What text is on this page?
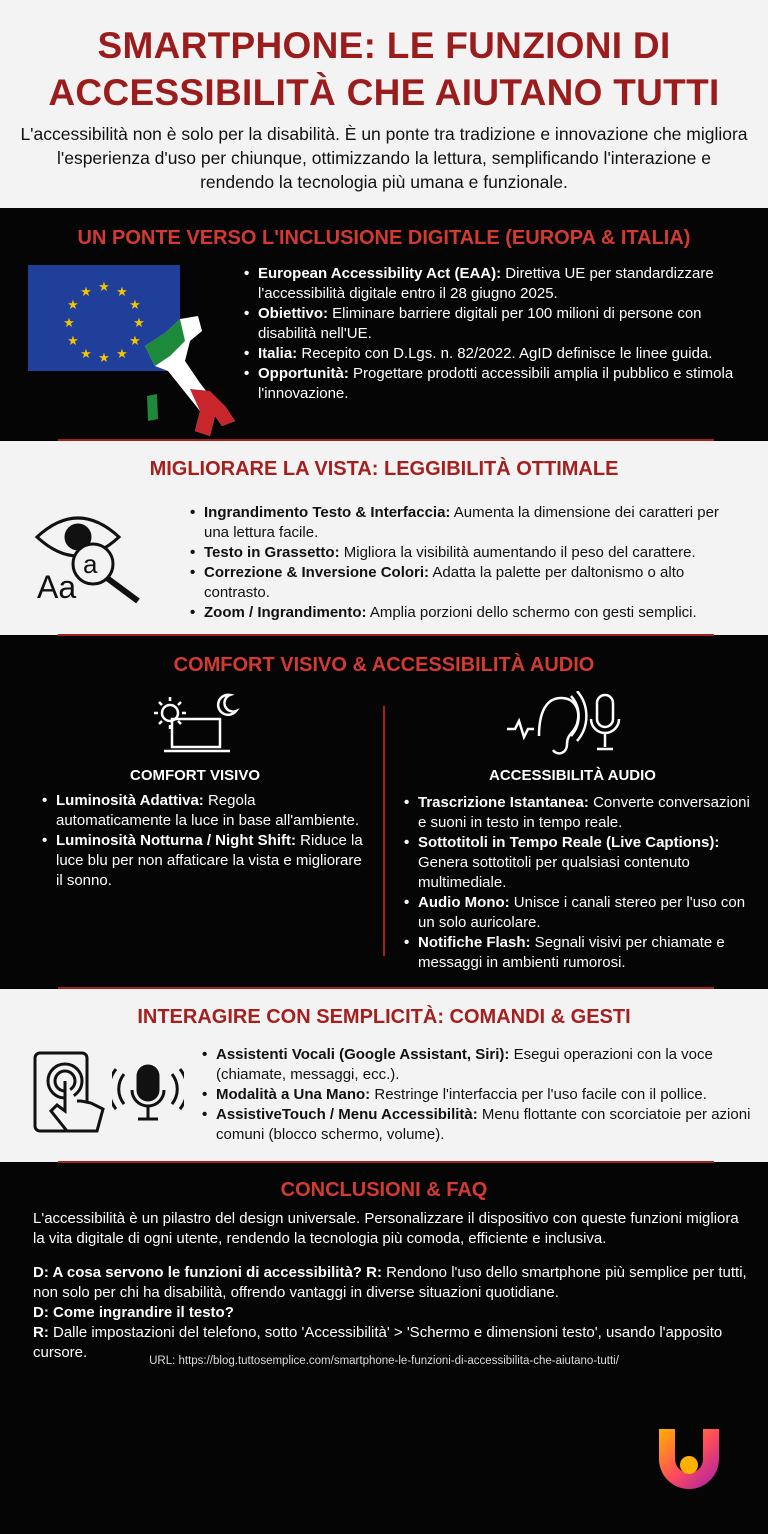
SMARTPHONE: LE FUNZIONI DI
ACCESSIBILITÀ CHE AIUTANO TUTTI

L'accessibilità non è solo per la disabilità. È un ponte tra tradizione e innovazione che migliora l'esperienza d'uso per chiunque, ottimizzando la lettura, semplificando l'interazione e rendendo la tecnologia più umana e funzionale.

UN PONTE VERSO L'INCLUSIONE DIGITALE (EUROPA & ITALIA)
★ ★
★
★
★
★
★
★
★
★
★
★
• European Accessibility Act (EAA): Direttiva UE per standardizzare l'accessibilità digitale entro il 28 giugno 2025.
• Obiettivo: Eliminare barriere digitali per 100 milioni di persone con disabilità nell'UE.
• Italia: Recepito con D.Lgs. n. 82/2022. AgID definisce le linee guida.
• Opportunità: Progettare prodotti accessibili amplia il pubblico e stimola l'innovazione.
MIGLIORARE LA VISTA: LEGGIBILITÀ OTTIMALE
a
Aa
• Ingrandimento Testo & Interfaccia: Aumenta la dimensione dei caratteri per una lettura facile.
• Testo in Grassetto: Migliora la visibilità aumentando il peso del carattere.
• Correzione & Inversione Colori: Adatta la palette per daltonismo o alto contrasto.
• Zoom / Ingrandimento: Amplia porzioni dello schermo con gesti semplici.
COMFORT VISIVO & ACCESSIBILITÀ AUDIO
COMFORT VISIVO
• Luminosità Adattiva: Regola automaticamente la luce in base all'ambiente.
• Luminosità Notturna / Night Shift: Riduce la luce blu per non affaticare la vista e migliorare il sonno.
ACCESSIBILITÀ AUDIO
• Trascrizione Istantanea: Converte conversazioni e suoni in testo in tempo reale.
• Sottotitoli in Tempo Reale (Live Captions): Genera sottotitoli per qualsiasi contenuto multimediale.
• Audio Mono: Unisce i canali stereo per l'uso con un solo auricolare.
• Notifiche Flash: Segnali visivi per chiamate e messaggi in ambienti rumorosi.
INTERAGIRE CON SEMPLICITÀ: COMANDI & GESTI
• Assistenti Vocali (Google Assistant, Siri): Esegui operazioni con la voce (chiamate, messaggi, ecc.).
• Modalità a Una Mano: Restringe l'interfaccia per l'uso facile con il pollice.
• AssistiveTouch / Menu Accessibilità: Menu flottante con scorciatoie per azioni comuni (blocco schermo, volume).
CONCLUSIONI & FAQ

L'accessibilità è un pilastro del design universale. Personalizzare il dispositivo con queste funzioni migliora la vita digitale di ogni utente, rendendo la tecnologia più comoda, efficiente e inclusiva.

D: A cosa servono le funzioni di accessibilità? R: Rendono l'uso dello smartphone più semplice per tutti, non solo per chi ha disabilità, offrendo vantaggi in diverse situazioni quotidiane.

D: Come ingrandire il testo?

R: Dalle impostazioni del telefono, sotto 'Accessibilità' > 'Schermo e dimensioni testo', usando l'apposito cursore.	URL: https://blog.tuttosemplice.com/smartphone-le-funzioni-di-accessibilita-che-aiutano-tutti/
